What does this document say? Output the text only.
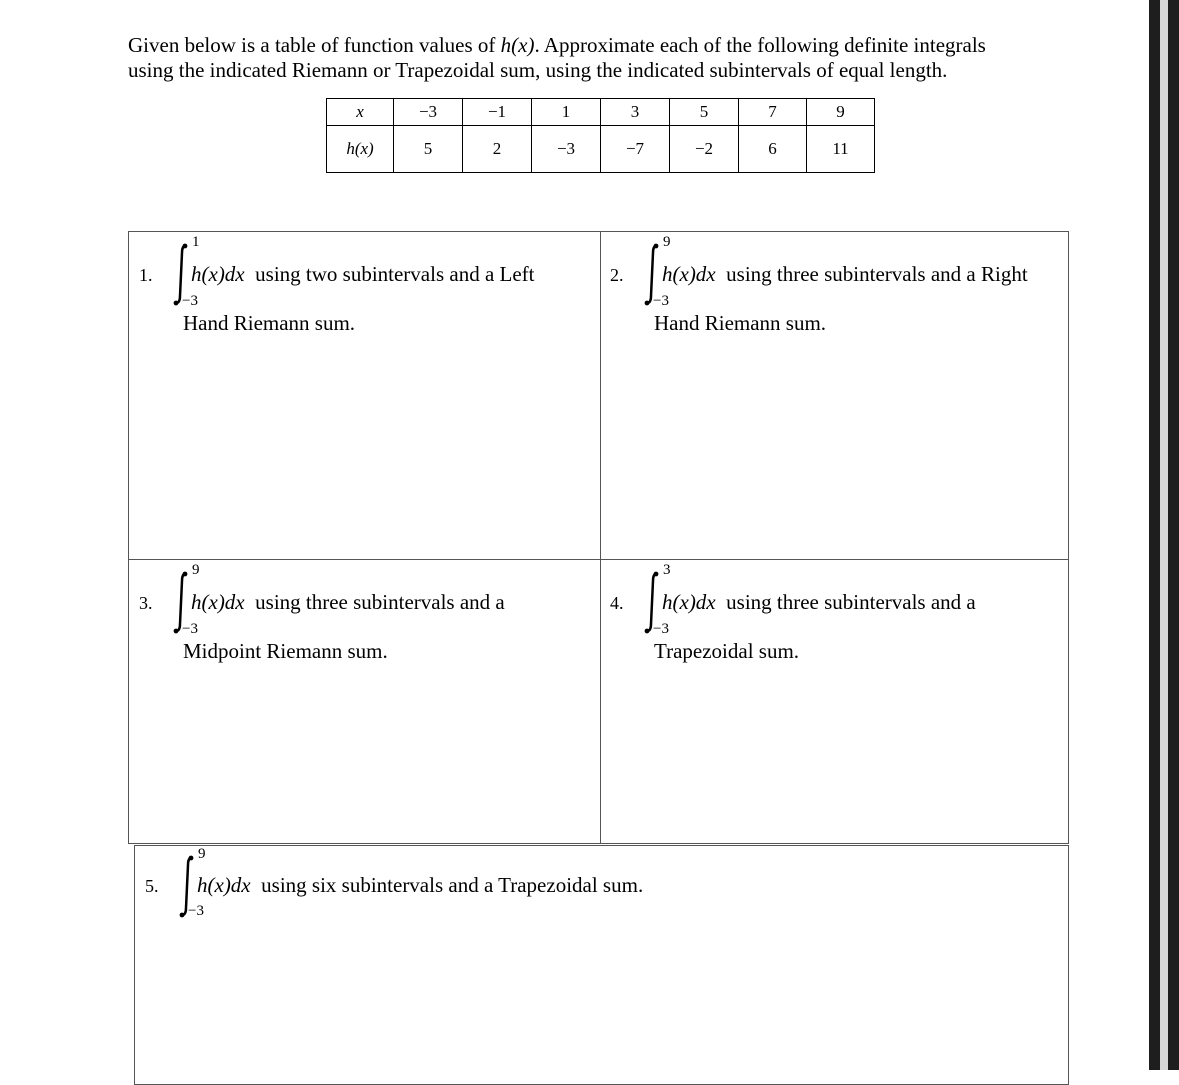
Given below is a table of function values of h(x). Approximate each of the following definite integrals

using the indicated Riemann or Trapezoidal sum, using the indicated subintervals of equal length.

x	−3	−1	1	3	5	7	9
h(x)	5	2	−3	−7	−2	6	11
1.
1
−3
h(x)dx using two subintervals and a Left
Hand Riemann sum.
2.
9
−3
h(x)dx using three subintervals and a Right
Hand Riemann sum.
3.
9
−3
h(x)dx using three subintervals and a
Midpoint Riemann sum.
4.
3
−3
h(x)dx using three subintervals and a
Trapezoidal sum.
5.
9
−3
h(x)dx using six subintervals and a Trapezoidal sum.
